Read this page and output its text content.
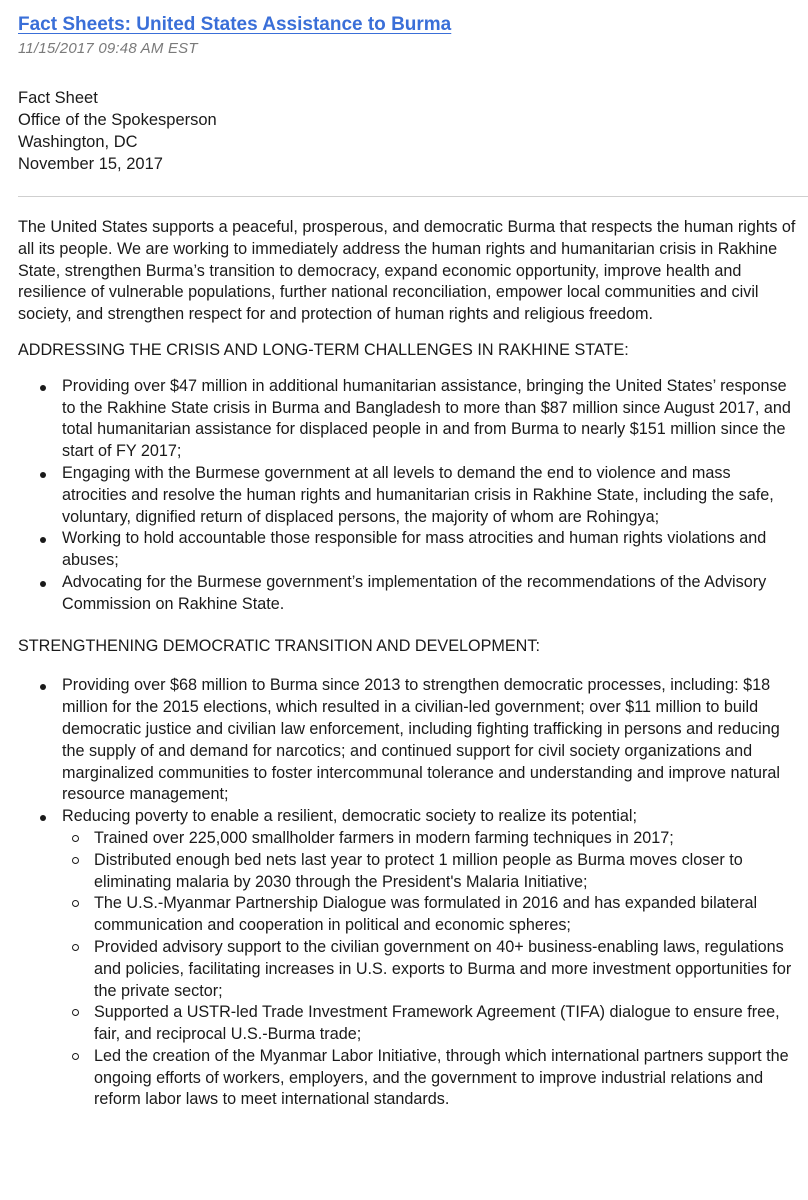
Fact Sheets: United States Assistance to Burma
11/15/2017 09:48 AM EST
Fact Sheet
Office of the Spokesperson
Washington, DC
November 15, 2017
The United States supports a peaceful, prosperous, and democratic Burma that respects the human rights of all its people. We are working to immediately address the human rights and humanitarian crisis in Rakhine State, strengthen Burma’s transition to democracy, expand economic opportunity, improve health and resilience of vulnerable populations, further national reconciliation, empower local communities and civil society, and strengthen respect for and protection of human rights and religious freedom.
ADDRESSING THE CRISIS AND LONG-TERM CHALLENGES IN RAKHINE STATE:
Providing over $47 million in additional humanitarian assistance, bringing the United States’ response to the Rakhine State crisis in Burma and Bangladesh to more than $87 million since August 2017, and total humanitarian assistance for displaced people in and from Burma to nearly $151 million since the start of FY 2017;
Engaging with the Burmese government at all levels to demand the end to violence and mass atrocities and resolve the human rights and humanitarian crisis in Rakhine State, including the safe, voluntary, dignified return of displaced persons, the majority of whom are Rohingya;
Working to hold accountable those responsible for mass atrocities and human rights violations and abuses;
Advocating for the Burmese government’s implementation of the recommendations of the Advisory Commission on Rakhine State.
STRENGTHENING DEMOCRATIC TRANSITION AND DEVELOPMENT:
Providing over $68 million to Burma since 2013 to strengthen democratic processes, including: $18 million for the 2015 elections, which resulted in a civilian-led government; over $11 million to build democratic justice and civilian law enforcement, including fighting trafficking in persons and reducing the supply of and demand for narcotics; and continued support for civil society organizations and marginalized communities to foster intercommunal tolerance and understanding and improve natural resource management;
Reducing poverty to enable a resilient, democratic society to realize its potential;
Trained over 225,000 smallholder farmers in modern farming techniques in 2017;
Distributed enough bed nets last year to protect 1 million people as Burma moves closer to eliminating malaria by 2030 through the President's Malaria Initiative;
The U.S.-Myanmar Partnership Dialogue was formulated in 2016 and has expanded bilateral communication and cooperation in political and economic spheres;
Provided advisory support to the civilian government on 40+ business-enabling laws, regulations and policies, facilitating increases in U.S. exports to Burma and more investment opportunities for the private sector;
Supported a USTR-led Trade Investment Framework Agreement (TIFA) dialogue to ensure free, fair, and reciprocal U.S.-Burma trade;
Led the creation of the Myanmar Labor Initiative, through which international partners support the ongoing efforts of workers, employers, and the government to improve industrial relations and reform labor laws to meet international standards.
